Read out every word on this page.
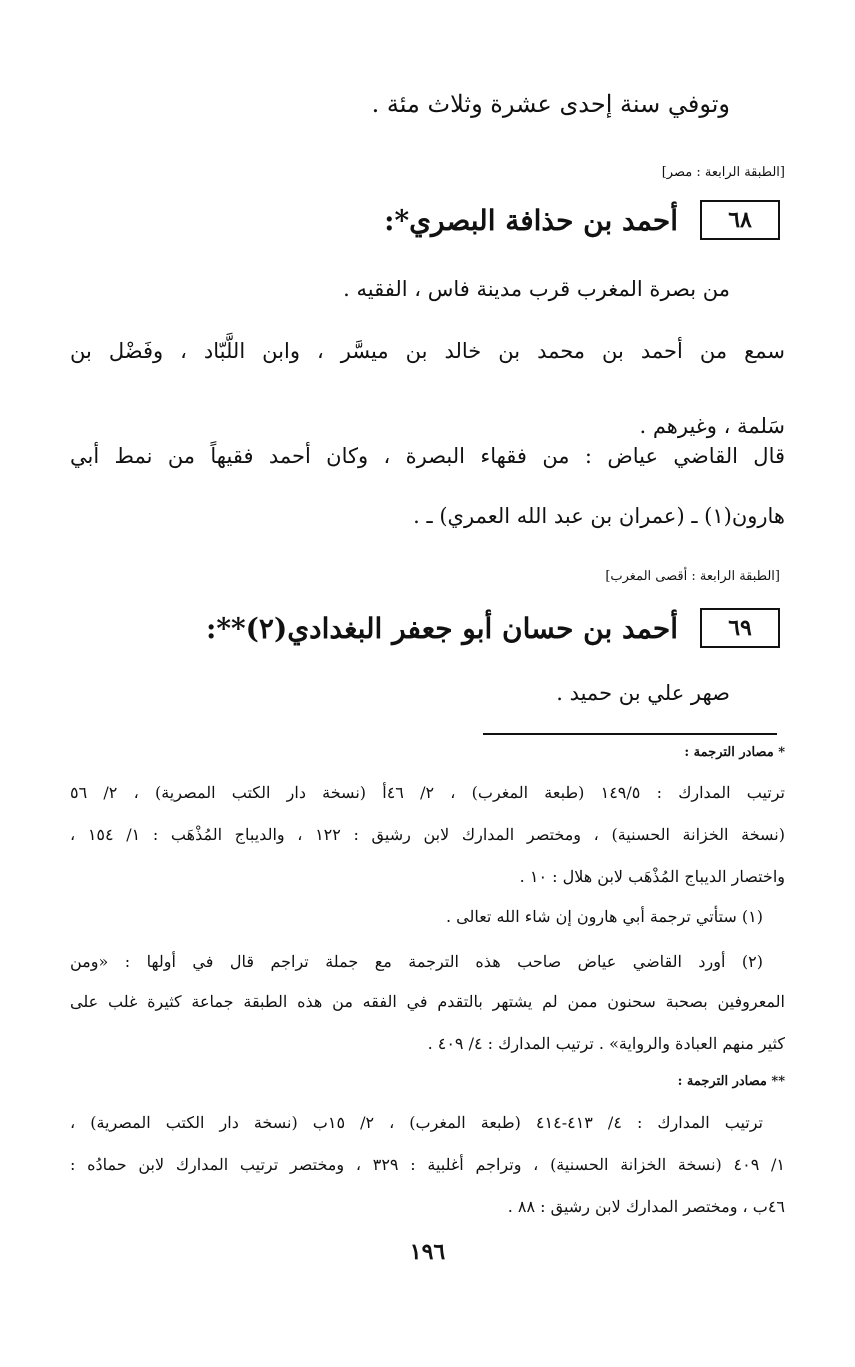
وتوفي سنة إحدى عشرة وثلاث مئة .
[الطبقة الرابعة : مصر]
٦٨
أحمد بن حذافة البصري*:
من بصرة المغرب قرب مدينة فاس ، الفقيه .
سمع من أحمد بن محمد بن خالد بن ميسَّر ، وابن اللَّبّاد ، وفَضْل بن
سَلمة ، وغيرهم .
قال القاضي عياض : من فقهاء البصرة ، وكان أحمد فقيهاً من نمط أبي
هارون(١) ـ (عمران بن عبد الله العمري) ـ .
[الطبقة الرابعة : أقصى المغرب]
٦٩
أحمد بن حسان أبو جعفر البغدادي(٢)**:
صهر علي بن حميد .
* مصادر الترجمة :
ترتيب المدارك : ١٤٩/٥ (طبعة المغرب) ، ٢/ ٤٦أ (نسخة دار الكتب المصرية) ، ٢/ ٥٦
(نسخة الخزانة الحسنية) ، ومختصر المدارك لابن رشيق : ١٢٢ ، والديباج المُذْهَب : ١/ ١٥٤ ،
واختصار الديباج المُذْهَب لابن هلال : ١٠ .
(١) ستأتي ترجمة أبي هارون إن شاء الله تعالى .
(٢) أورد القاضي عياض صاحب هذه الترجمة مع جملة تراجم قال في أولها : «ومن
المعروفين بصحبة سحنون ممن لم يشتهر بالتقدم في الفقه من هذه الطبقة جماعة كثيرة غلب على
كثير منهم العبادة والرواية» . ترتيب المدارك : ٤/ ٤٠٩ .
** مصادر الترجمة :
ترتيب المدارك : ٤/ ٤١٣-٤١٤ (طبعة المغرب) ، ٢/ ١٥ب (نسخة دار الكتب المصرية) ،
١/ ٤٠٩ (نسخة الخزانة الحسنية) ، وتراجم أغلبية : ٣٢٩ ، ومختصر ترتيب المدارك لابن حمادُه :
٤٦ب ، ومختصر المدارك لابن رشيق : ٨٨ .
١٩٦
